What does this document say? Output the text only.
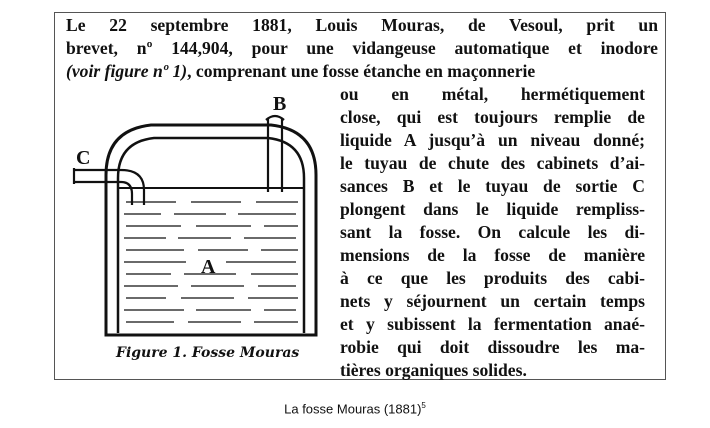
Le 22 septembre 1881, Louis Mouras, de Vesoul, prit un
brevet, nº 144,904, pour une vidangeuse automatique et inodore
(voir figure nº 1), comprenant une fosse étanche en maçonnerie
ou en métal, hermétiquement
close, qui est toujours remplie de
liquide A jusqu’à un niveau donné;
le tuyau de chute des cabinets d’ai-
sances B et le tuyau de sortie C
plongent dans le liquide rempliss-
sant la fosse. On calcule les di-
mensions de la fosse de manière
à ce que les produits des cabi-
nets y séjournent un certain temps
et y subissent la fermentation anaé-
robie qui doit dissoudre les ma-
tières organiques solides.
B
C
A
Figure 1. Fosse Mouras
La fosse Mouras $(1881)^5$
